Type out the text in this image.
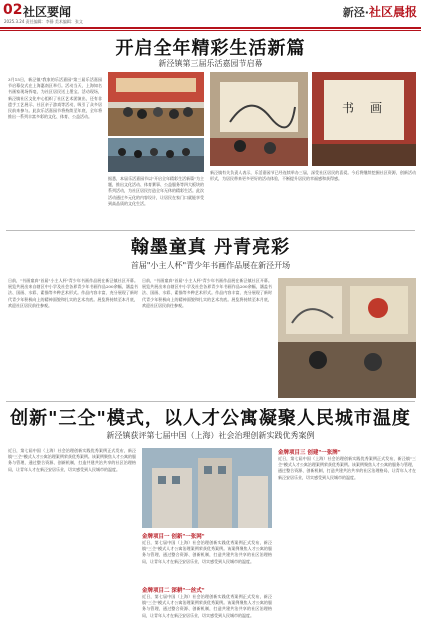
02 社区要闻
2025.3.24 责任编辑：李静 美术编辑：张文
新泾·社区晨报
开启全年精彩生活新篇
新泾镇第三届乐活嘉园节启幕
3月15日，新泾镇"我家的乐活嘉园"第三届乐活嘉园节启幕仪式在上海惠南区举行。活动当天，上海知名书画家现场挥毫，为社区居民送上墨宝。活动现场，新泾镇社区文化中心组织了社区艺术团演出，还有非遗手工艺展示、社区亲子游戏等活动，吸引了众多居民前来参与。此次乐活嘉园节将持续至年底，全年将推出一系列丰富多彩的文化、体育、公益活动。
据悉，本届乐活嘉园节以"开启全年精彩生活新篇"为主题，推出文化活动、体育赛事、公益服务等四大板块的系列活动，为社区居民打造全年无休的精彩生活。此次活动通过多元化的内容设计，让居民在家门口就能享受到高品质的文化生活。
书 画
新泾镇有关负责人表示，乐活嘉园节已经连续举办三届，深受社区居民的喜爱。今后将继续挖掘社区资源，创新活动形式，为居民带来更多更好的活动体验，不断提升居民的幸福感和获得感。
翰墨童真 丹青亮彩
首届"小主人杯"青少年书画作品展在新泾开场
日前，"书画童真"首届"小主人杯"青少年书画作品展在新泾镇社区开幕。展览共展出来自辖区中小学及社会各界青少年书画作品200余幅，涵盖书法、国画、水彩、素描等多种艺术形式。作品内容丰富，充分展现了新时代青少年积极向上的精神面貌和扎实的艺术功底。展览将持续至本月底，欢迎社区居民前往参观。
日前，"书画童真"首届"小主人杯"青少年书画作品展在新泾镇社区开幕。展览共展出来自辖区中小学及社会各界青少年书画作品200余幅，涵盖书法、国画、水彩、素描等多种艺术形式。作品内容丰富，充分展现了新时代青少年积极向上的精神面貌和扎实的艺术功底。展览将持续至本月底，欢迎社区居民前往参观。
创新"三仝"模式，以人才公寓凝聚人民城市温度
新泾镇获评第七届中国（上海）社会治理创新实践优秀案例
近日，第七届中国（上海）社会治理创新实践优秀案例正式发布，新泾镇"三仝"模式人才公寓治理案例荣获优秀案例。该案例聚焦人才公寓的服务与管理，通过整合资源、创新机制，打造共建共治共享的社区治理格局，让青年人才在新泾安居乐业，切实感受到人民城市的温度。
金牌项目一 创新"一张网"
近日，第七届中国（上海）社会治理创新实践优秀案例正式发布，新泾镇"三仝"模式人才公寓治理案例荣获优秀案例。该案例聚焦人才公寓的服务与管理，通过整合资源、创新机制，打造共建共治共享的社区治理格局，让青年人才在新泾安居乐业，切实感受到人民城市的温度。
金牌项目二 深耕"一丝式"
近日，第七届中国（上海）社会治理创新实践优秀案例正式发布，新泾镇"三仝"模式人才公寓治理案例荣获优秀案例。该案例聚焦人才公寓的服务与管理，通过整合资源、创新机制，打造共建共治共享的社区治理格局，让青年人才在新泾安居乐业，切实感受到人民城市的温度。
金牌项目三 创建"一张牌"
近日，第七届中国（上海）社会治理创新实践优秀案例正式发布，新泾镇"三仝"模式人才公寓治理案例荣获优秀案例。该案例聚焦人才公寓的服务与管理，通过整合资源、创新机制，打造共建共治共享的社区治理格局，让青年人才在新泾安居乐业，切实感受到人民城市的温度。
